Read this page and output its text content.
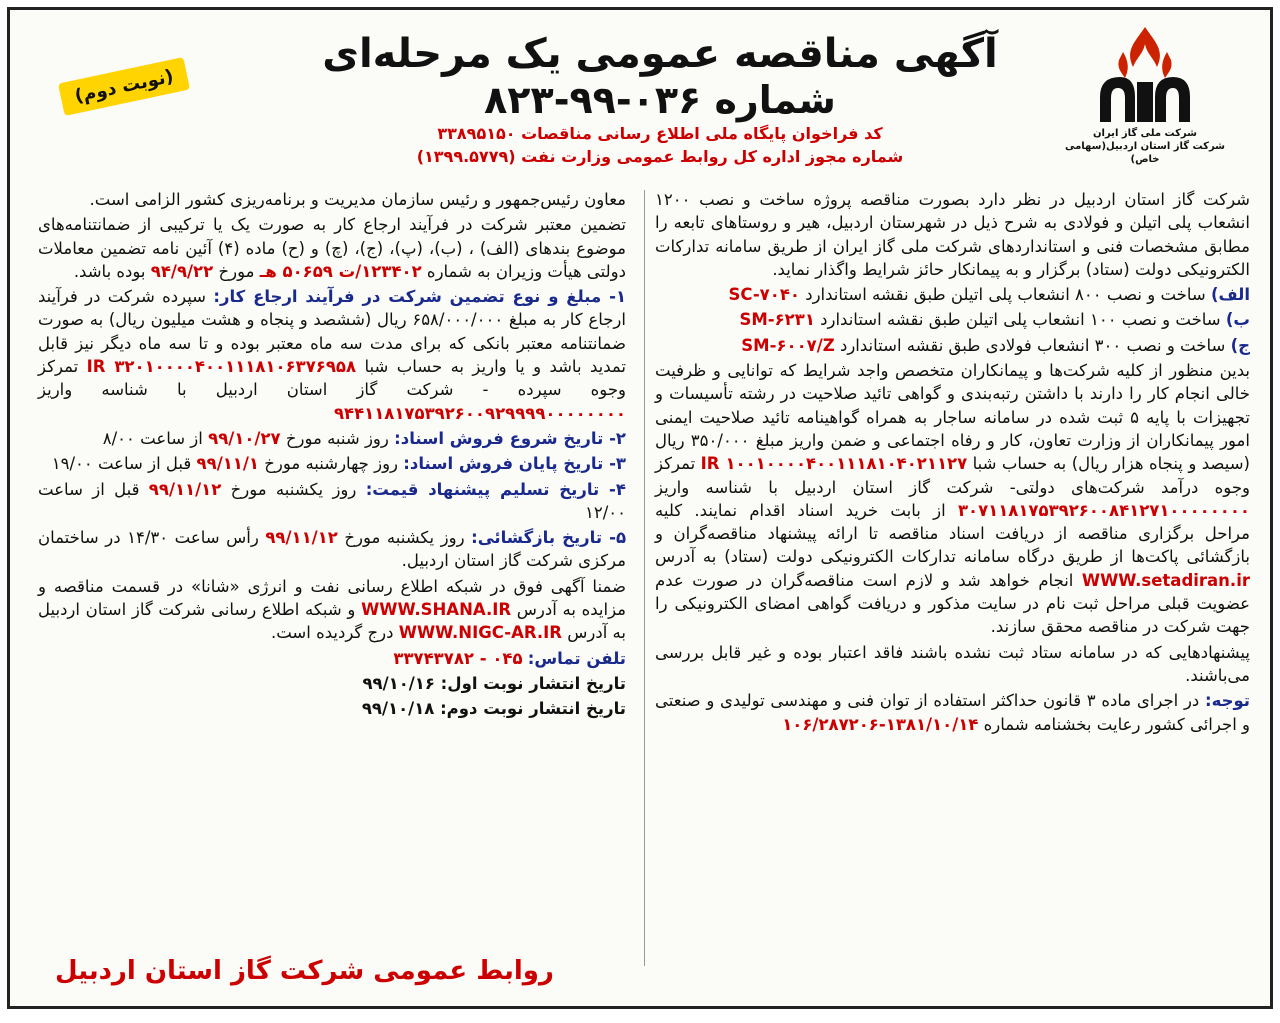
شرکت ملی گاز ایران
شرکت گاز استان اردبیل(سهامی خاص)
آگهی مناقصه عمومی یک مرحله‌ای
شماره ۰۳۶-۹۹-۸۲۳
کد فراخوان پایگاه ملی اطلاع رسانی مناقصات ۳۳۸۹۵۱۵۰
شماره مجوز اداره کل روابط عمومی وزارت نفت (۱۳۹۹.۵۷۷۹)
(نوبت دوم)

شرکت گاز استان اردبیل در نظر دارد بصورت مناقصه پروژه ساخت و نصب ۱۲۰۰ انشعاب پلی اتیلن و فولادی به شرح ذیل در شهرستان اردبیل، هیر و روستاهای تابعه را مطابق مشخصات فنی و استانداردهای شرکت ملی گاز ایران از طریق سامانه تدارکات الکترونیکی دولت (ستاد) برگزار و به پیمانکار حائز شرایط واگذار نماید.

الف) ساخت و نصب ۸۰۰ انشعاب پلی اتیلن طبق نقشه استاندارد SC-۷۰۴۰

ب) ساخت و نصب ۱۰۰ انشعاب پلی اتیلن طبق نقشه استاندارد SM-۶۲۳۱

ج) ساخت و نصب ۳۰۰ انشعاب فولادی طبق نقشه استاندارد SM-۶۰۰۷/Z

بدین منظور از کلیه شرکت‌ها و پیمانکاران متخصص واجد شرایط که توانایی و ظرفیت خالی انجام کار را دارند با داشتن رتبه‌بندی و گواهی تائید صلاحیت در رشته تأسیسات و تجهیزات با پایه ۵ ثبت شده در سامانه ساجار به همراه گواهینامه تائید صلاحیت ایمنی امور پیمانکاران از وزارت تعاون، کار و رفاه اجتماعی و ضمن واریز مبلغ ۳۵۰/۰۰۰ ریال (سیصد و پنجاه هزار ریال) به حساب شبا IR ۱۰۰۱۰۰۰۰۴۰۰۱۱۱۸۱۰۴۰۲۱۱۲۷ تمرکز وجوه درآمد شرکت‌های دولتی- شرکت گاز استان اردبیل با شناسه واریز ۳۰۷۱۱۸۱۷۵۳۹۲۶۰۰۸۴۱۲۷۱۰۰۰۰۰۰۰۰ از بابت خرید اسناد اقدام نمایند. کلیه مراحل برگزاری مناقصه از دریافت اسناد مناقصه تا ارائه پیشنهاد مناقصه‌گران و بازگشائی پاکت‌ها از طریق درگاه سامانه تدارکات الکترونیکی دولت (ستاد) به آدرس WWW.setadiran.ir انجام خواهد شد و لازم است مناقصه‌گران در صورت عدم عضویت قبلی مراحل ثبت نام در سایت مذکور و دریافت گواهی امضای الکترونیکی را جهت شرکت در مناقصه محقق سازند.

پیشنهادهایی که در سامانه ستاد ثبت نشده باشند فاقد اعتبار بوده و غیر قابل بررسی می‌باشند.

توجه: در اجرای ماده ۳ قانون حداکثر استفاده از توان فنی و مهندسی تولیدی و صنعتی و اجرائی کشور رعایت بخشنامه شماره ۱۳۸۱/۱۰/۱۴-۱۰۶/۲۸۷۲۰۶

معاون رئیس‌جمهور و رئیس سازمان مدیریت و برنامه‌ریزی کشور الزامی است.

تضمین معتبر شرکت در فرآیند ارجاع کار به صورت یک یا ترکیبی از ضمانتنامه‌های موضوع بندهای (الف) ، (ب)، (پ)، (ج)، (چ) و (ح) ماده (۴) آئین نامه تضمین معاملات دولتی هیأت وزیران به شماره ۱۲۳۴۰۲/ت ۵۰۶۵۹ هـ مورخ ۹۴/۹/۲۲ بوده باشد.

۱- مبلغ و نوع تضمین شرکت در فرآیند ارجاع کار: سپرده شرکت در فرآیند ارجاع کار به مبلغ ۶۵۸/۰۰۰/۰۰۰ ریال (ششصد و پنجاه و هشت میلیون ریال) به صورت ضمانتنامه معتبر بانکی که برای مدت سه ماه معتبر بوده و تا سه ماه دیگر نیز قابل تمدید باشد و یا واریز به حساب شبا IR ۳۲۰۱۰۰۰۰۴۰۰۱۱۱۸۱۰۶۳۷۶۹۵۸ تمرکز وجوه سپرده - شرکت گاز استان اردبیل با شناسه واریز ۹۴۴۱۱۸۱۷۵۳۹۲۶۰۰۹۲۹۹۹۹۰۰۰۰۰۰۰۰

۲- تاریخ شروع فروش اسناد: روز شنبه مورخ ۹۹/۱۰/۲۷ از ساعت ۸/۰۰

۳- تاریخ پایان فروش اسناد: روز چهارشنبه مورخ ۹۹/۱۱/۱ قبل از ساعت ۱۹/۰۰

۴- تاریخ تسلیم پیشنهاد قیمت: روز یکشنبه مورخ ۹۹/۱۱/۱۲ قبل از ساعت ۱۲/۰۰

۵- تاریخ بازگشائی: روز یکشنبه مورخ ۹۹/۱۱/۱۲ رأس ساعت ۱۴/۳۰ در ساختمان مرکزی شرکت گاز استان اردبیل.

ضمنا آگهی فوق در شبکه اطلاع رسانی نفت و انرژی «شانا» در قسمت مناقصه و مزایده به آدرس WWW.SHANA.IR و شبکه اطلاع رسانی شرکت گاز استان اردبیل به آدرس WWW.NIGC-AR.IR درج گردیده است.

تلفن تماس: ۰۴۵ - ۳۳۷۴۳۷۸۲

تاریخ انتشار نوبت اول: ۹۹/۱۰/۱۶

تاریخ انتشار نوبت دوم: ۹۹/۱۰/۱۸

روابط عمومی شرکت گاز استان اردبیل
